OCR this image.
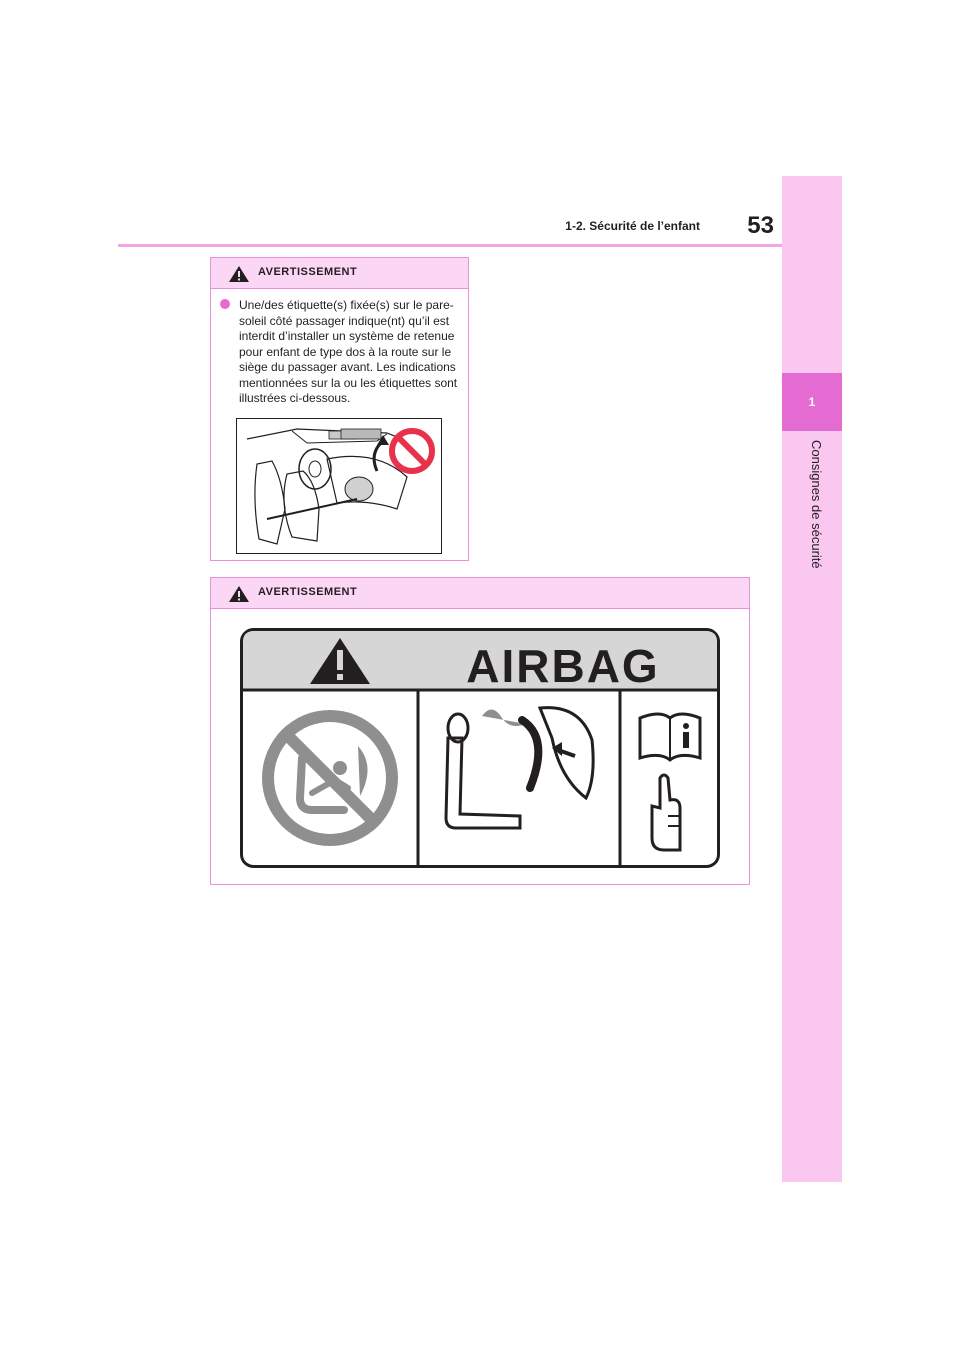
1-2. Sécurité de l’enfant	53
1
Consignes de sécurité
AVERTISSEMENT
Une/des étiquette(s) fixée(s) sur le pare-soleil côté passager indique(nt) qu’il est interdit d’installer un système de retenue pour enfant de type dos à la route sur le siège du passager avant. Les indications mentionnées sur la ou les étiquettes sont illustrées ci-dessous.
AVERTISSEMENT
AIRBAG
